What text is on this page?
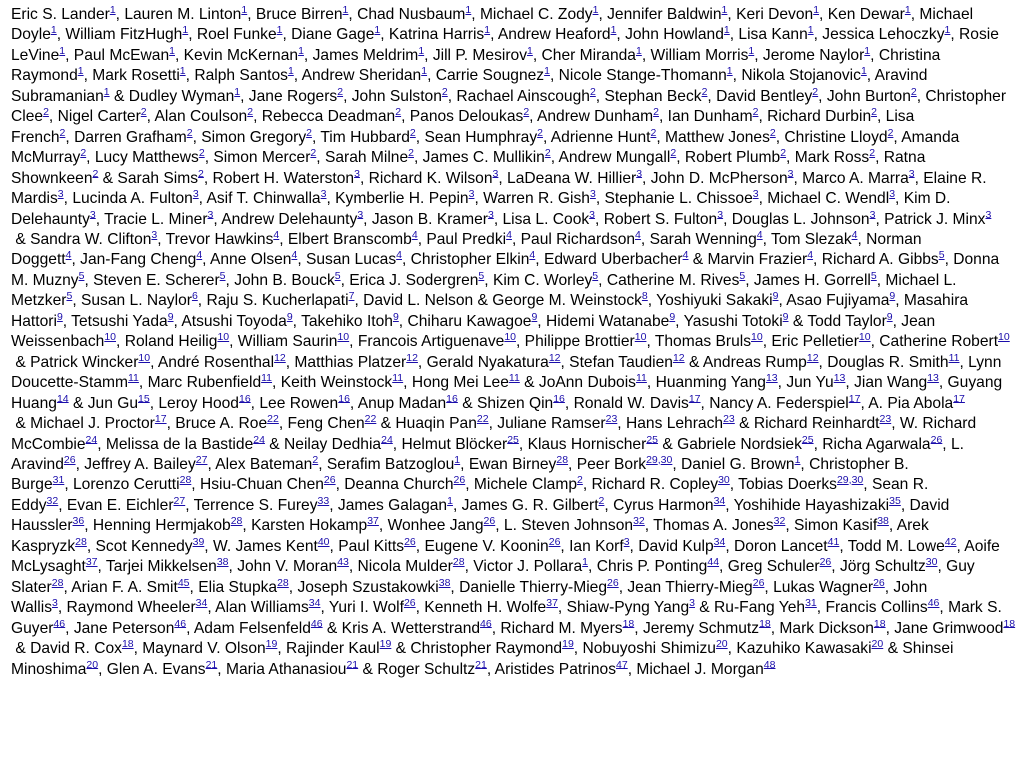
Eric S. Lander$^1$, Lauren M. Linton$^1$, Bruce Birren$^1$, Chad Nusbaum$^1$, Michael C. Zody$^1$, Jennifer Baldwin$^1$, Keri Devon$^1$, Ken Dewar$^1$, Michael Doyle$^1$, William FitzHugh$^1$, Roel Funke$^1$, Diane Gage$^1$, Katrina Harris$^1$, Andrew Heaford$^1$, John Howland$^1$, Lisa Kann$^1$, Jessica Lehoczky$^1$, Rosie LeVine$^1$, Paul McEwan$^1$, Kevin McKernan$^1$, James Meldrim$^1$, Jill P. Mesirov$^1$, Cher Miranda$^1$, William Morris$^1$, Jerome Naylor$^1$, Christina Raymond$^1$, Mark Rosetti$^1$, Ralph Santos$^1$, Andrew Sheridan$^1$, Carrie Sougnez$^1$, Nicole Stange-Thomann$^1$, Nikola Stojanovic$^1$, Aravind Subramanian$^1$ & Dudley Wyman$^1$, Jane Rogers$^2$, John Sulston$^2$, Rachael Ainscough$^2$, Stephan Beck$^2$, David Bentley$^2$, John Burton$^2$, Christopher Clee$^2$, Nigel Carter$^2$, Alan Coulson$^2$, Rebecca Deadman$^2$, Panos Deloukas$^2$, Andrew Dunham$^2$, Ian Dunham$^2$, Richard Durbin$^2$, Lisa French$^2$, Darren Grafham$^2$, Simon Gregory$^2$, Tim Hubbard$^2$, Sean Humphray$^2$, Adrienne Hunt$^2$, Matthew Jones$^2$, Christine Lloyd$^2$, Amanda McMurray$^2$, Lucy Matthews$^2$, Simon Mercer$^2$, Sarah Milne$^2$, James C. Mullikin$^2$, Andrew Mungall$^2$, Robert Plumb$^2$, Mark Ross$^2$, Ratna Shownkeen$^2$ & Sarah Sims$^2$, Robert H. Waterston$^3$, Richard K. Wilson$^3$, LaDeana W. Hillier$^3$, John D. McPherson$^3$, Marco A. Marra$^3$, Elaine R. Mardis$^3$, Lucinda A. Fulton$^3$, Asif T. Chinwalla$^3$, Kymberlie H. Pepin$^3$, Warren R. Gish$^3$, Stephanie L. Chissoe$^3$, Michael C. Wendl$^3$, Kim D. Delehaunty$^3$, Tracie L. Miner$^3$, Andrew Delehaunty$^3$, Jason B. Kramer$^3$, Lisa L. Cook$^3$, Robert S. Fulton$^3$, Douglas L. Johnson$^3$, Patrick J. Minx$^3$ & Sandra W. Clifton$^3$, Trevor Hawkins$^4$, Elbert Branscomb$^4$, Paul Predki$^4$, Paul Richardson$^4$, Sarah Wenning$^4$, Tom Slezak$^4$, Norman Doggett$^4$, Jan-Fang Cheng$^4$, Anne Olsen$^4$, Susan Lucas$^4$, Christopher Elkin$^4$, Edward Uberbacher$^4$ & Marvin Frazier$^4$, Richard A. Gibbs$^5$, Donna M. Muzny$^5$, Steven E. Scherer$^5$, John B. Bouck$^5$, Erica J. Sodergren$^5$, Kim C. Worley$^5$, Catherine M. Rives$^5$, James H. Gorrell$^5$, Michael L. Metzker$^5$, Susan L. Naylor$^6$, Raju S. Kucherlapati$^7$, David L. Nelson & George M. Weinstock$^8$, Yoshiyuki Sakaki$^9$, Asao Fujiyama$^9$, Masahira Hattori$^9$, Tetsushi Yada$^9$, Atsushi Toyoda$^9$, Takehiko Itoh$^9$, Chiharu Kawagoe$^9$, Hidemi Watanabe$^9$, Yasushi Totoki$^9$ & Todd Taylor$^9$, Jean Weissenbach$^{10}$, Roland Heilig$^{10}$, William Saurin$^{10}$, Francois Artiguenave$^{10}$, Philippe Brottier$^{10}$, Thomas Bruls$^{10}$, Eric Pelletier$^{10}$, Catherine Robert$^{10}$ & Patrick Wincker$^{10}$, André Rosenthal$^{12}$, Matthias Platzer$^{12}$, Gerald Nyakatura$^{12}$, Stefan Taudien$^{12}$ & Andreas Rump$^{12}$, Douglas R. Smith$^{11}$, Lynn Doucette-Stamm$^{11}$, Marc Rubenfield$^{11}$, Keith Weinstock$^{11}$, Hong Mei Lee$^{11}$ & JoAnn Dubois$^{11}$, Huanming Yang$^{13}$, Jun Yu$^{13}$, Jian Wang$^{13}$, Guyang Huang$^{14}$ & Jun Gu$^{15}$, Leroy Hood$^{16}$, Lee Rowen$^{16}$, Anup Madan$^{16}$ & Shizen Qin$^{16}$, Ronald W. Davis$^{17}$, Nancy A. Federspiel$^{17}$, A. Pia Abola$^{17}$ & Michael J. Proctor$^{17}$, Bruce A. Roe$^{22}$, Feng Chen$^{22}$ & Huaqin Pan$^{22}$, Juliane Ramser$^{23}$, Hans Lehrach$^{23}$ & Richard Reinhardt$^{23}$, W. Richard McCombie$^{24}$, Melissa de la Bastide$^{24}$ & Neilay Dedhia$^{24}$, Helmut Blöcker$^{25}$, Klaus Hornischer$^{25}$ & Gabriele Nordsiek$^{25}$, Richa Agarwala$^{26}$, L. Aravind$^{26}$, Jeffrey A. Bailey$^{27}$, Alex Bateman$^2$, Serafim Batzoglou$^1$, Ewan Birney$^{28}$, Peer Bork$^{29,30}$, Daniel G. Brown$^1$, Christopher B. Burge$^{31}$, Lorenzo Cerutti$^{28}$, Hsiu-Chuan Chen$^{26}$, Deanna Church$^{26}$, Michele Clamp$^2$, Richard R. Copley$^{30}$, Tobias Doerks$^{29,30}$, Sean R. Eddy$^{32}$, Evan E. Eichler$^{27}$, Terrence S. Furey$^{33}$, James Galagan$^1$, James G. R. Gilbert$^2$, Cyrus Harmon$^{34}$, Yoshihide Hayashizaki$^{35}$, David Haussler$^{36}$, Henning Hermjakob$^{28}$, Karsten Hokamp$^{37}$, Wonhee Jang$^{26}$, L. Steven Johnson$^{32}$, Thomas A. Jones$^{32}$, Simon Kasif$^{38}$, Arek Kaspryzk$^{28}$, Scot Kennedy$^{39}$, W. James Kent$^{40}$, Paul Kitts$^{26}$, Eugene V. Koonin$^{26}$, Ian Korf$^3$, David Kulp$^{34}$, Doron Lancet$^{41}$, Todd M. Lowe$^{42}$, Aoife McLysaght$^{37}$, Tarjei Mikkelsen$^{38}$, John V. Moran$^{43}$, Nicola Mulder$^{28}$, Victor J. Pollara$^1$, Chris P. Ponting$^{44}$, Greg Schuler$^{26}$, Jörg Schultz$^{30}$, Guy Slater$^{28}$, Arian F. A. Smit$^{45}$, Elia Stupka$^{28}$, Joseph Szustakowki$^{38}$, Danielle Thierry-Mieg$^{26}$, Jean Thierry-Mieg$^{26}$, Lukas Wagner$^{26}$, John Wallis$^3$, Raymond Wheeler$^{34}$, Alan Williams$^{34}$, Yuri I. Wolf$^{26}$, Kenneth H. Wolfe$^{37}$, Shiaw-Pyng Yang$^3$ & Ru-Fang Yeh$^{31}$, Francis Collins$^{46}$, Mark S. Guyer$^{46}$, Jane Peterson$^{46}$, Adam Felsenfeld$^{46}$ & Kris A. Wetterstrand$^{46}$, Richard M. Myers$^{18}$, Jeremy Schmutz$^{18}$, Mark Dickson$^{18}$, Jane Grimwood$^{18}$ & David R. Cox$^{18}$, Maynard V. Olson$^{19}$, Rajinder Kaul$^{19}$ & Christopher Raymond$^{19}$, Nobuyoshi Shimizu$^{20}$, Kazuhiko Kawasaki$^{20}$ & Shinsei Minoshima$^{20}$, Glen A. Evans$^{21}$, Maria Athanasiou$^{21}$ & Roger Schultz$^{21}$, Aristides Patrinos$^{47}$, Michael J. Morgan$^{48}$
